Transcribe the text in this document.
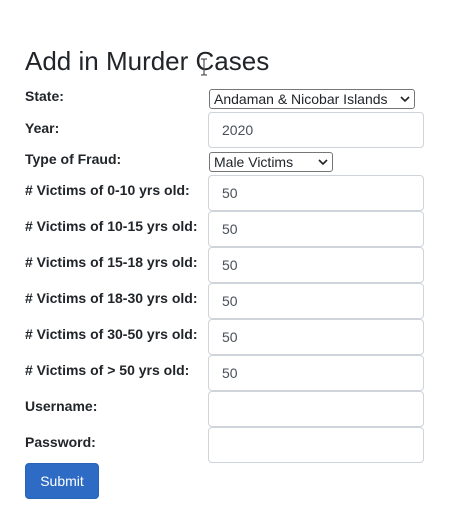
Add in Murder Cases
State:	Andaman & Nicobar Islands
Year:	2020
Type of Fraud:	Male Victims
# Victims of 0-10 yrs old:	50
# Victims of 10-15 yrs old:	50
# Victims of 15-18 yrs old:	50
# Victims of 18-30 yrs old:	50
# Victims of 30-50 yrs old:	50
# Victims of > 50 yrs old:	50
Username:
Password:
Submit
